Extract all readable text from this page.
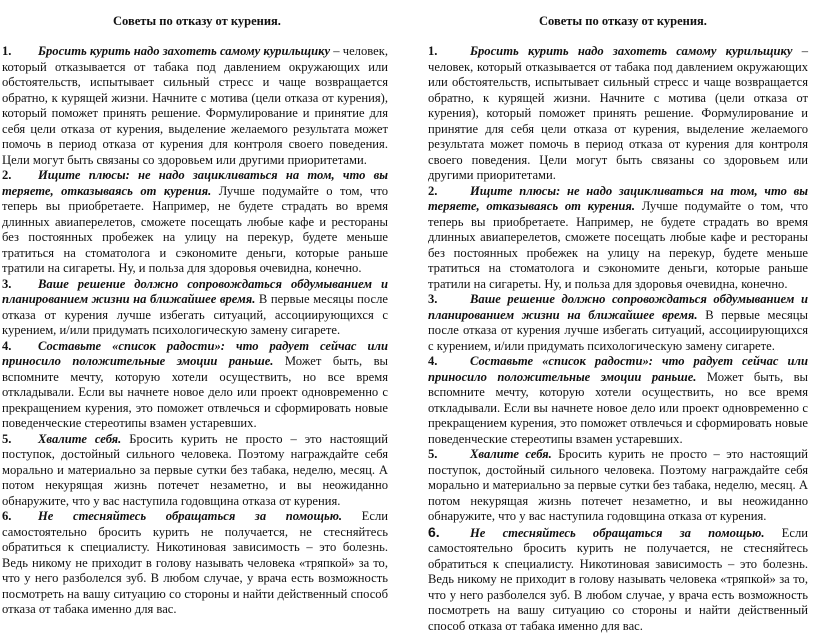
Советы по отказу от курения.

1. Бросить курить надо захотеть самому курильщику – человек, который отказывается от табака под давлением окружающих или обстоятельств, испытывает сильный стресс и чаще возвращается обратно, к курящей жизни. Начните с мотива (цели отказа от курения), который поможет принять решение. Формулирование и принятие для себя цели отказа от курения, выделение желаемого результата может помочь в период отказа от курения для контроля своего поведения. Цели могут быть связаны со здоровьем или другими приоритетами.

2. Ищите плюсы: не надо зацикливаться на том, что вы теряете, отказываясь от курения. Лучше подумайте о том, что теперь вы приобретаете. Например, не будете страдать во время длинных авиаперелетов, сможете посещать любые кафе и рестораны без постоянных пробежек на улицу на перекур, будете меньше тратиться на стоматолога и сэкономите деньги, которые раньше тратили на сигареты. Ну, и польза для здоровья очевидна, конечно.

3. Ваше решение должно сопровождаться обдумыванием и планированием жизни на ближайшее время. В первые месяцы после отказа от курения лучше избегать ситуаций, ассоциирующихся с курением, и/или придумать психологическую замену сигарете.

4. Составьте «список радости»: что радует сейчас или приносило положительные эмоции раньше. Может быть, вы вспомните мечту, которую хотели осуществить, но все время откладывали. Если вы начнете новое дело или проект одновременно с прекращением курения, это поможет отвлечься и сформировать новые поведенческие стереотипы взамен устаревших.

5. Хвалите себя. Бросить курить не просто – это настоящий поступок, достойный сильного человека. Поэтому награждайте себя морально и материально за первые сутки без табака, неделю, месяц. А потом некурящая жизнь потечет незаметно, и вы неожиданно обнаружите, что у вас наступила годовщина отказа от курения.

6. Не стесняйтесь обращаться за помощью. Если самостоятельно бросить курить не получается, не стесняйтесь обратиться к специалисту. Никотиновая зависимость – это болезнь. Ведь никому не приходит в голову называть человека «тряпкой» за то, что у него разболелся зуб. В любом случае, у врача есть возможность посмотреть на вашу ситуацию со стороны и найти действенный способ отказа от табака именно для вас.

Советы по отказу от курения.

1.	Бросить курить надо захотеть самому курильщику – человек, который отказывается от табака под давлением окружающих или обстоятельств, испытывает сильный стресс и чаще возвращается обратно, к курящей жизни. Начните с мотива (цели отказа от курения), который поможет принять решение. Формулирование и принятие для себя цели отказа от курения, выделение желаемого результата может помочь в период отказа от курения для контроля своего поведения. Цели могут быть связаны со здоровьем или другими приоритетами.

2.	Ищите плюсы: не надо зацикливаться на том, что вы теряете, отказываясь от курения. Лучше подумайте о том, что теперь вы приобретаете. Например, не будете страдать во время длинных авиаперелетов, сможете посещать любые кафе и рестораны без постоянных пробежек на улицу на перекур, будете меньше тратиться на стоматолога и сэкономите деньги, которые раньше тратили на сигареты. Ну, и польза для здоровья очевидна, конечно.

3.	Ваше решение должно сопровождаться обдумыванием и планированием жизни на ближайшее время. В первые месяцы после отказа от курения лучше избегать ситуаций, ассоциирующихся с курением, и/или придумать психологическую замену сигарете.

4.	Составьте «список радости»: что радует сейчас или приносило положительные эмоции раньше. Может быть, вы вспомните мечту, которую хотели осуществить, но все время откладывали. Если вы начнете новое дело или проект одновременно с прекращением курения, это поможет отвлечься и сформировать новые поведенческие стереотипы взамен устаревших.

5.	Хвалите себя. Бросить курить не просто – это настоящий поступок, достойный сильного человека. Поэтому награждайте себя морально и материально за первые сутки без табака, неделю, месяц. А потом некурящая жизнь потечет незаметно, и вы неожиданно обнаружите, что у вас наступила годовщина отказа от курения.

6. Не стесняйтесь обращаться за помощью. Если самостоятельно бросить курить не получается, не стесняйтесь обратиться к специалисту. Никотиновая зависимость – это болезнь. Ведь никому не приходит в голову называть человека «тряпкой» за то, что у него разболелся зуб. В любом случае, у врача есть возможность посмотреть на вашу ситуацию со стороны и найти действенный способ отказа от табака именно для вас.
